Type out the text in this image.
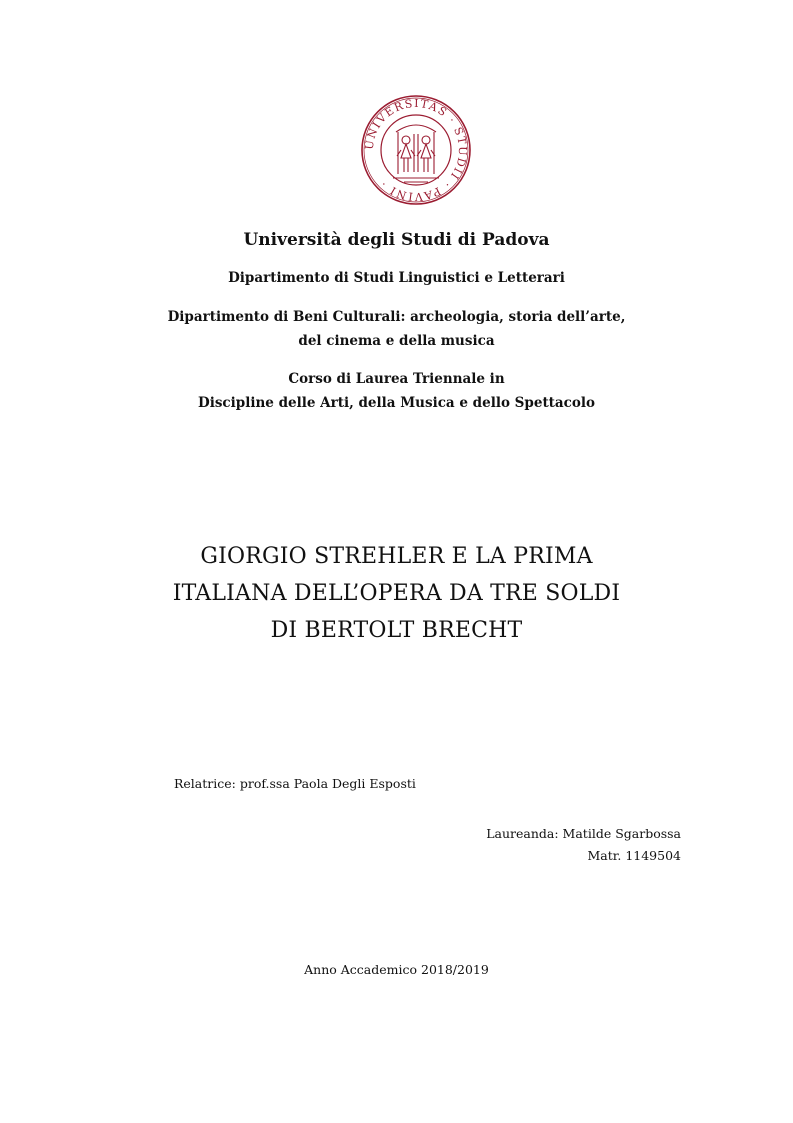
UNIVERSITAS · STUDII · PAVINI ·
Università degli Studi di Padova
Dipartimento di Studi Linguistici e Letterari
Dipartimento di Beni Culturali: archeologia, storia dell’arte,
del cinema e della musica
Corso di Laurea Triennale in
Discipline delle Arti, della Musica e dello Spettacolo
GIORGIO STREHLER E LA PRIMA
ITALIANA DELL’OPERA DA TRE SOLDI
DI BERTOLT BRECHT
Relatrice: prof.ssa Paola Degli Esposti
Laureanda: Matilde Sgarbossa
Matr. 1149504
Anno Accademico 2018/2019
